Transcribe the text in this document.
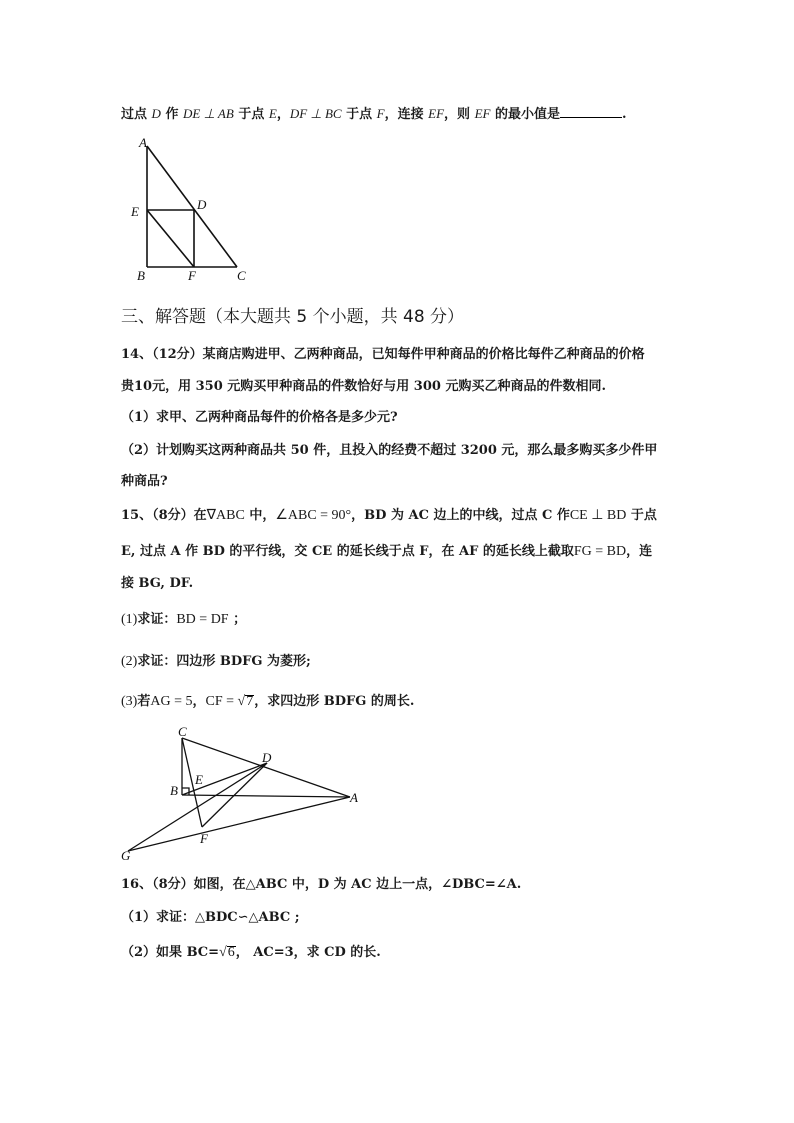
过点 D 作 DE ⊥ AB 于点 E，DF ⊥ BC 于点 F，连接 EF，则 EF 的最小值是	.
A
E	D
B	F	C
三、解答题（本大题共 5 个小题，共 48 分）
14、（12分）某商店购进甲、乙两种商品，已知每件甲种商品的价格比每件乙种商品的价格
贵10元，用 350 元购买甲种商品的件数恰好与用 300 元购买乙种商品的件数相同.
（1）求甲、乙两种商品每件的价格各是多少元?
（2）计划购买这两种商品共 50 件，且投入的经费不超过 3200 元，那么最多购买多少件甲
种商品?
15、（8分）在∇ABC 中，∠ABC = 90°，BD 为 AC 边上的中线，过点 C 作CE ⊥ BD 于点
E, 过点 A 作 BD 的平行线，交 CE 的延长线于点 F，在 AF 的延长线上截取FG = BD，连
接 BG, DF.
(1)求证：BD = DF ；
(2)求证：四边形 BDFG 为菱形;
(3)若AG = 5，CF = √7，求四边形 BDFG 的周长.
C
D
E
B	A
F
G
16、（8分）如图，在△ABC 中，D 为 AC 边上一点，∠DBC=∠A.
（1）求证：△BDC∽△ABC ;
（2）如果 BC=√6， AC=3，求 CD 的长.
